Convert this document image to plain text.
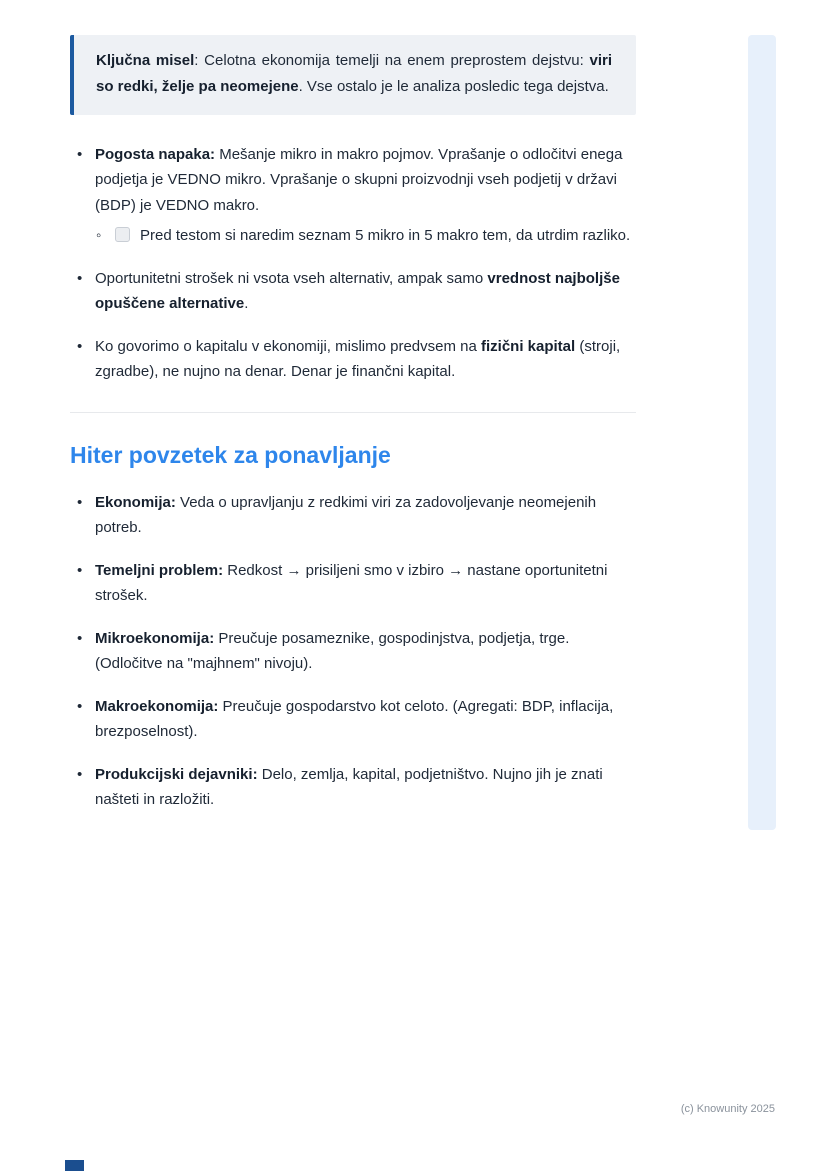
Ključna misel: Celotna ekonomija temelji na enem preprostem dejstvu: viri so redki, želje pa neomejene. Vse ostalo je le analiza posledic tega dejstva.

• Pogosta napaka: Mešanje mikro in makro pojmov. Vprašanje o odločitvi enega podjetja je VEDNO mikro. Vprašanje o skupni proizvodnji vseh podjetij v državi (BDP) je VEDNO makro.
◦ Pred testom si naredim seznam 5 mikro in 5 makro tem, da utrdim razliko.
• Oportunitetni strošek ni vsota vseh alternativ, ampak samo vrednost najboljše opuščene alternative.
• Ko govorimo o kapitalu v ekonomiji, mislimo predvsem na fizični kapital (stroji, zgradbe), ne nujno na denar. Denar je finančni kapital.
Hiter povzetek za ponavljanje
• Ekonomija: Veda o upravljanju z redkimi viri za zadovoljevanje neomejenih potreb.
• Temeljni problem: Redkost → prisiljeni smo v izbiro → nastane oportunitetni strošek.
• Mikroekonomija: Preučuje posameznike, gospodinjstva, podjetja, trge. (Odločitve na "majhnem" nivoju).
• Makroekonomija: Preučuje gospodarstvo kot celoto. (Agregati: BDP, inflacija, brezposelnost).
• Produkcijski dejavniki: Delo, zemlja, kapital, podjetništvo. Nujno jih je znati našteti in razložiti.
(c) Knowunity 2025
